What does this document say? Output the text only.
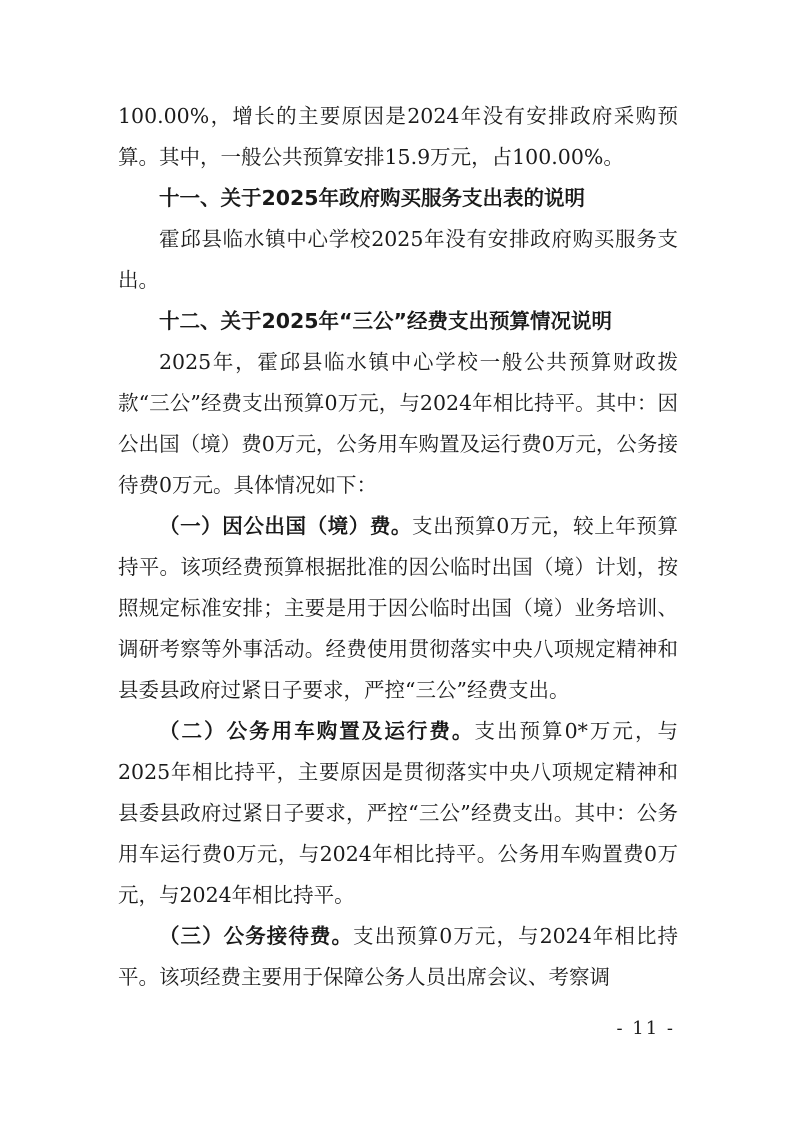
100.00%，增长的主要原因是2024年没有安排政府采购预算。其中，一般公共预算安排15.9万元，占100.00%。

十一、关于2025年政府购买服务支出表的说明

霍邱县临水镇中心学校2025年没有安排政府购买服务支出。

十二、关于2025年“三公”经费支出预算情况说明

2025年，霍邱县临水镇中心学校一般公共预算财政拨款“三公”经费支出预算0万元，与2024年相比持平。其中：因公出国（境）费0万元，公务用车购置及运行费0万元，公务接待费0万元。具体情况如下：

（一）因公出国（境）费。支出预算0万元，较上年预算持平。该项经费预算根据批准的因公临时出国（境）计划，按照规定标准安排；主要是用于因公临时出国（境）业务培训、调研考察等外事活动。经费使用贯彻落实中央八项规定精神和县委县政府过紧日子要求，严控“三公”经费支出。

（二）公务用车购置及运行费。支出预算0*万元，与2025年相比持平，主要原因是贯彻落实中央八项规定精神和县委县政府过紧日子要求，严控“三公”经费支出。其中：公务用车运行费0万元，与2024年相比持平。公务用车购置费0万元，与2024年相比持平。

（三）公务接待费。支出预算0万元，与2024年相比持平。该项经费主要用于保障公务人员出席会议、考察调

- 11 -
